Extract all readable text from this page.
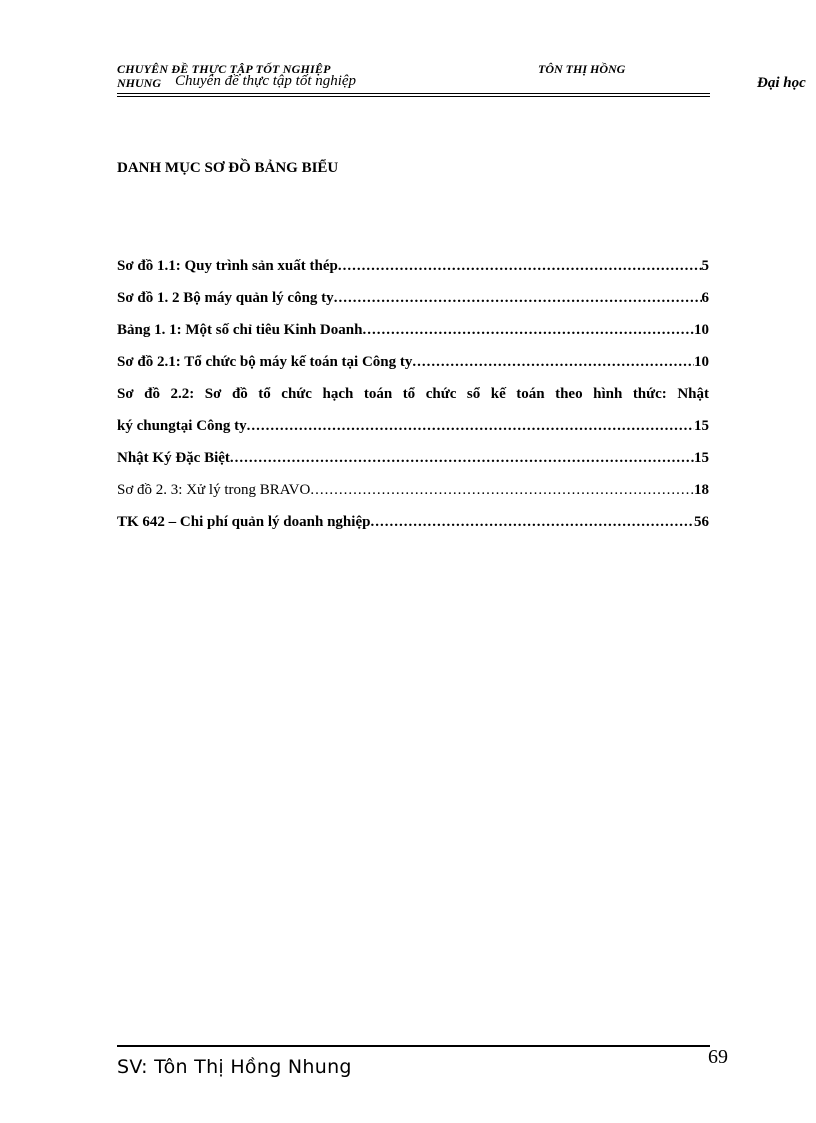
CHUYÊN ĐỀ THỰC TẬP TỐT NGHIỆP
NHUNG Chuyên đề thực tập tốt nghiệp
TÔN THỊ HỒNG
Đại học
DANH MỤC SƠ ĐỒ BẢNG BIỂU
Sơ đồ 1.1: Quy trình sản xuất thép .....	5
Sơ đồ 1. 2 Bộ máy quản lý công ty .....	6
Bảng 1. 1: Một số chỉ tiêu Kinh Doanh .....	10
Sơ đồ 2.1: Tổ chức bộ máy kế toán tại Công ty .....	10
Sơ đồ 2.2: Sơ đồ tổ chức hạch toán tổ chức sổ kế toán theo hình thức: Nhật
ký chungtại Công ty .....	15
Nhật Ký Đặc Biệt .....	15
Sơ đồ 2. 3: Xử lý trong BRAVO .....	18
TK 642 – Chi phí quản lý doanh nghiệp .....	56
SV: Tôn Thị Hồng Nhung	69
